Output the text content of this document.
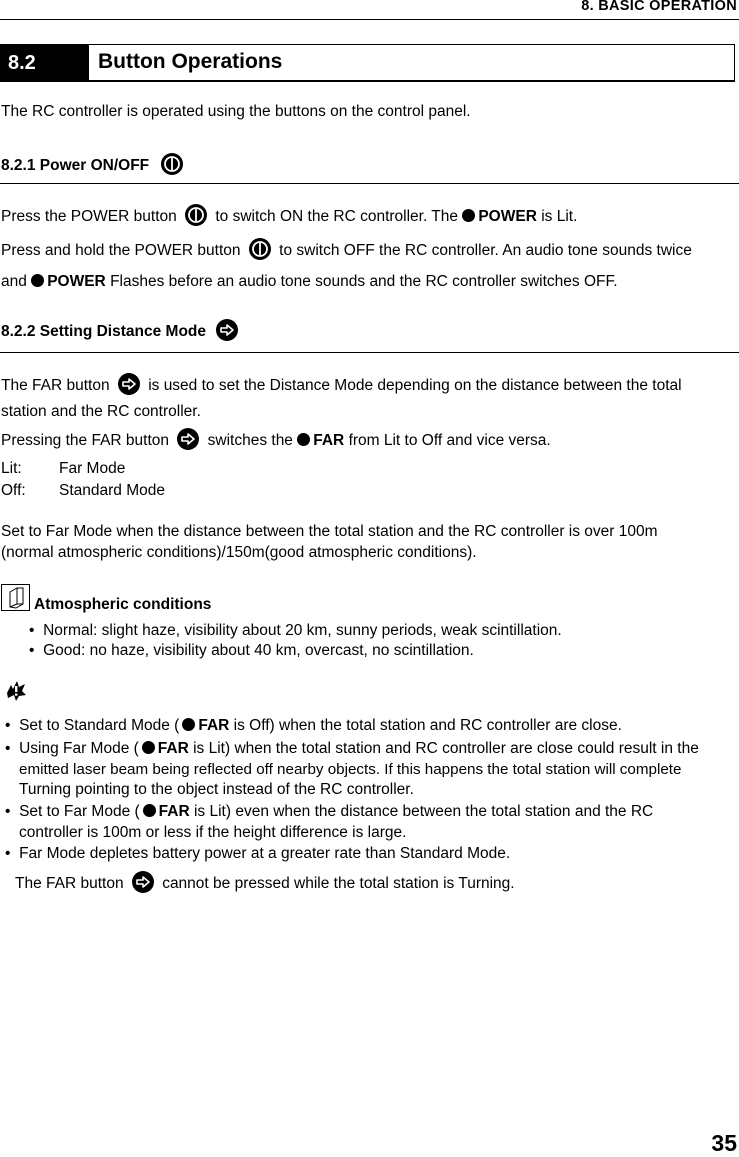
8. BASIC OPERATION
8.2	Button Operations
The RC controller is operated using the buttons on the control panel.
8.2.1 Power ON/OFF
Press the POWER button to switch ON the RC controller. The POWER is Lit.
Press and hold the POWER button to switch OFF the RC controller. An audio tone sounds twice
and POWER Flashes before an audio tone sounds and the RC controller switches OFF.
8.2.2 Setting Distance Mode
The FAR button is used to set the Distance Mode depending on the distance between the total
station and the RC controller.
Pressing the FAR button switches the FAR from Lit to Off and vice versa.
Lit: Far Mode
Off: Standard Mode
Set to Far Mode when the distance between the total station and the RC controller is over 100m
(normal atmospheric conditions)/150m(good atmospheric conditions).
Atmospheric conditions
• Normal: slight haze, visibility about 20 km, sunny periods, weak scintillation.
• Good: no haze, visibility about 40 km, overcast, no scintillation.
• Set to Standard Mode ( FAR is Off) when the total station and RC controller are close.
• Using Far Mode ( FAR is Lit) when the total station and RC controller are close could result in the
emitted laser beam being reflected off nearby objects. If this happens the total station will complete
Turning pointing to the object instead of the RC controller.
• Set to Far Mode ( FAR is Lit) even when the distance between the total station and the RC
controller is 100m or less if the height difference is large.
• Far Mode depletes battery power at a greater rate than Standard Mode.
The FAR button cannot be pressed while the total station is Turning.
35
